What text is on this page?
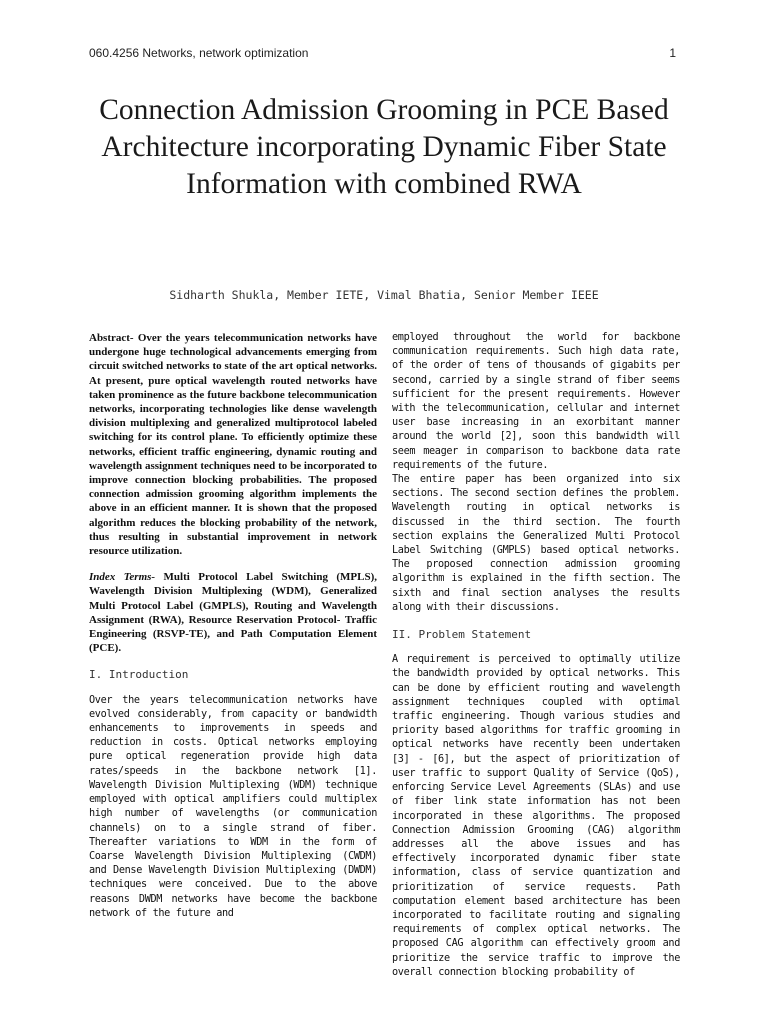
060.4256 Networks, network optimization	1
Connection Admission Grooming in PCE Based Architecture incorporating Dynamic Fiber State Information with combined RWA
Sidharth Shukla, Member IETE, Vimal Bhatia, Senior Member IEEE

Abstract- Over the years telecommunication networks have undergone huge technological advancements emerging from circuit switched networks to state of the art optical networks. At present, pure optical wavelength routed networks have taken prominence as the future backbone telecommunication networks, incorporating technologies like dense wavelength division multiplexing and generalized multiprotocol labeled switching for its control plane. To efficiently optimize these networks, efficient traffic engineering, dynamic routing and wavelength assignment techniques need to be incorporated to improve connection blocking probabilities. The proposed connection admission grooming algorithm implements the above in an efficient manner. It is shown that the proposed algorithm reduces the blocking probability of the network, thus resulting in substantial improvement in network resource utilization.

Index Terms- Multi Protocol Label Switching (MPLS), Wavelength Division Multiplexing (WDM), Generalized Multi Protocol Label (GMPLS), Routing and Wavelength Assignment (RWA), Resource Reservation Protocol- Traffic Engineering (RSVP-TE), and Path Computation Element (PCE).

I. Introduction

Over the years telecommunication networks have evolved considerably, from capacity or bandwidth enhancements to improvements in speeds and reduction in costs. Optical networks employing pure optical regeneration provide high data rates/speeds in the backbone network [1]. Wavelength Division Multiplexing (WDM) technique employed with optical amplifiers could multiplex high number of wavelengths (or communication channels) on to a single strand of fiber. Thereafter variations to WDM in the form of Coarse Wavelength Division Multiplexing (CWDM) and Dense Wavelength Division Multiplexing (DWDM) techniques were conceived. Due to the above reasons DWDM networks have become the backbone network of the future and

employed throughout the world for backbone communication requirements. Such high data rate, of the order of tens of thousands of gigabits per second, carried by a single strand of fiber seems sufficient for the present requirements. However with the telecommunication, cellular and internet user base increasing in an exorbitant manner around the world [2], soon this bandwidth will seem meager in comparison to backbone data rate requirements of the future.

The entire paper has been organized into six sections. The second section defines the problem. Wavelength routing in optical networks is discussed in the third section. The fourth section explains the Generalized Multi Protocol Label Switching (GMPLS) based optical networks. The proposed connection admission grooming algorithm is explained in the fifth section. The sixth and final section analyses the results along with their discussions.

II. Problem Statement

A requirement is perceived to optimally utilize the bandwidth provided by optical networks. This can be done by efficient routing and wavelength assignment techniques coupled with optimal traffic engineering. Though various studies and priority based algorithms for traffic grooming in optical networks have recently been undertaken [3] - [6], but the aspect of prioritization of user traffic to support Quality of Service (QoS), enforcing Service Level Agreements (SLAs) and use of fiber link state information has not been incorporated in these algorithms. The proposed Connection Admission Grooming (CAG) algorithm addresses all the above issues and has effectively incorporated dynamic fiber state information, class of service quantization and prioritization of service requests. Path computation element based architecture has been incorporated to facilitate routing and signaling requirements of complex optical networks. The proposed CAG algorithm can effectively groom and prioritize the service traffic to improve the overall connection blocking probability of
